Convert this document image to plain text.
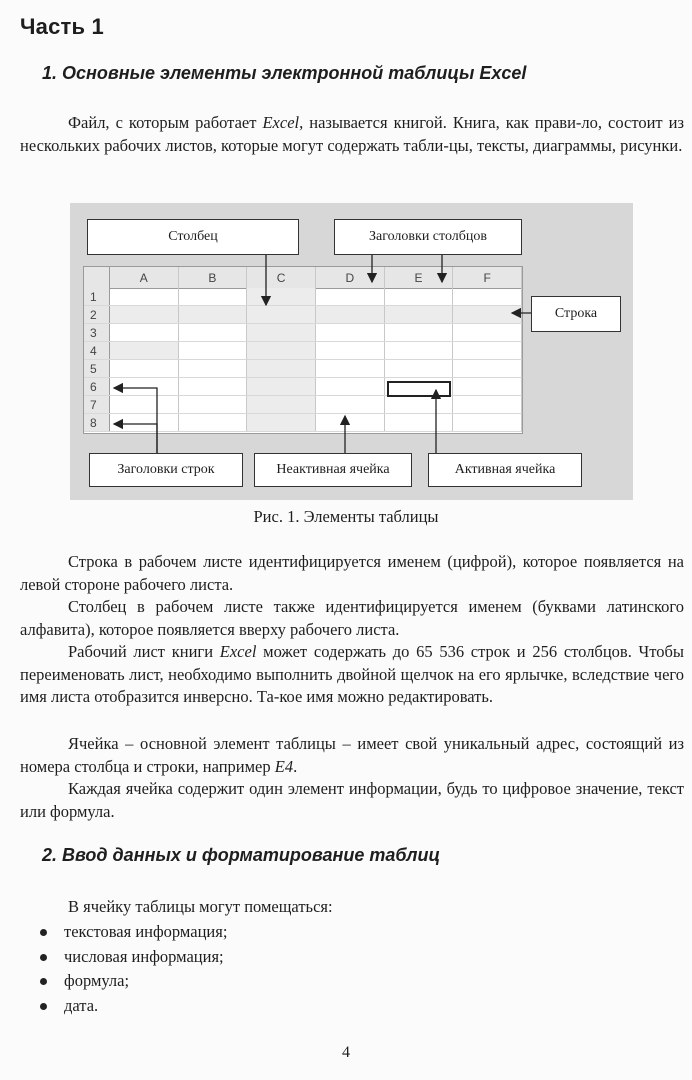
Часть 1
1. Основные элементы электронной таблицы Excel

Файл, с которым работает Excel, называется книгой. Книга, как прави-ло, состоит из нескольких рабочих листов, которые могут содержать табли-цы, тексты, диаграммы, рисунки.

A	B	C	D	E	F
1
2
3
4
5
6
7
8
Столбец	Заголовки столбцов
Строка
Заголовки строк	Неактивная ячейка	Активная ячейка
Рис. 1. Элементы таблицы

Строка в рабочем листе идентифицируется именем (цифрой), которое появляется на левой стороне рабочего листа.

Столбец в рабочем листе также идентифицируется именем (буквами латинского алфавита), которое появляется вверху рабочего листа.

Рабочий лист книги Excel может содержать до 65 536 строк и 256 столбцов. Чтобы переименовать лист, необходимо выполнить двойной щелчок на его ярлычке, вследствие чего имя листа отобразится инверсно. Та-кое имя можно редактировать.

Ячейка – основной элемент таблицы – имеет свой уникальный адрес, состоящий из номера столбца и строки, например E4.

Каждая ячейка содержит один элемент информации, будь то цифровое значение, текст или формула.

2. Ввод данных и форматирование таблиц

В ячейку таблицы могут помещаться:

текстовая информация;
числовая информация;
формула;
дата.
4
